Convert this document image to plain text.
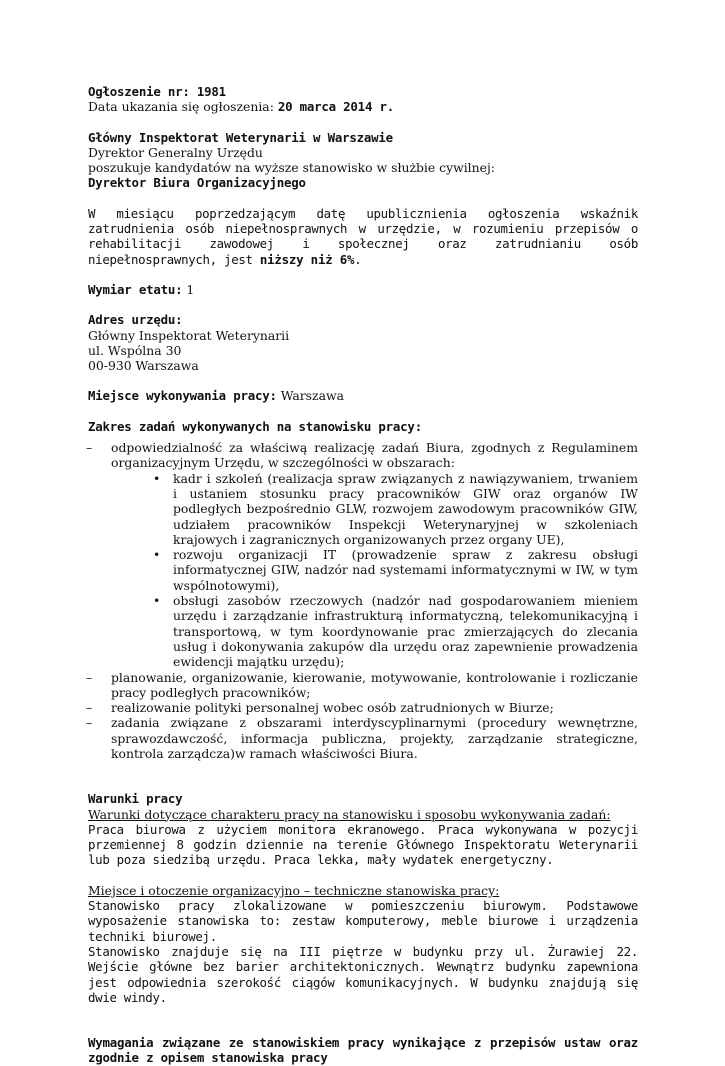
Ogłoszenie nr: 1981

Data ukazania się ogłoszenia: 20 marca 2014 r.

Główny Inspektorat Weterynarii w Warszawie

Dyrektor Generalny Urzędu

poszukuje kandydatów na wyższe stanowisko w służbie cywilnej:

Dyrektor Biura Organizacyjnego

W miesiącu poprzedzającym datę upublicznienia ogłoszenia wskaźnik zatrudnienia osób niepełnosprawnych w urzędzie, w rozumieniu przepisów o rehabilitacji zawodowej i społecznej oraz zatrudnianiu osób niepełnosprawnych, jest niższy niż 6%.

Wymiar etatu: 1

Adres urzędu:

Główny Inspektorat Weterynarii

ul. Wspólna 30

00-930 Warszawa

Miejsce wykonywania pracy: Warszawa

Zakres zadań wykonywanych na stanowisku pracy:

– odpowiedzialność za właściwą realizację zadań Biura, zgodnych z Regulaminem organizacyjnym Urzędu, w szczególności w obszarach:
• kadr i szkoleń (realizacja spraw związanych z nawiązywaniem, trwaniem i ustaniem stosunku pracy pracowników GIW oraz organów IW podległych bezpośrednio GLW, rozwojem zawodowym pracowników GIW, udziałem pracowników Inspekcji Weterynaryjnej w szkoleniach krajowych i zagranicznych organizowanych przez organy UE),
• rozwoju organizacji IT (prowadzenie spraw z zakresu obsługi informatycznej GIW, nadzór nad systemami informatycznymi w IW, w tym wspólnotowymi),
• obsługi zasobów rzeczowych (nadzór nad gospodarowaniem mieniem urzędu i zarządzanie infrastrukturą informatyczną, telekomunikacyjną i transportową, w tym koordynowanie prac zmierzających do zlecania usług i dokonywania zakupów dla urzędu oraz zapewnienie prowadzenia ewidencji majątku urzędu);
– planowanie, organizowanie, kierowanie, motywowanie, kontrolowanie i rozliczanie pracy podległych pracowników;
– realizowanie polityki personalnej wobec osób zatrudnionych w Biurze;
– zadania związane z obszarami interdyscyplinarnymi (procedury wewnętrzne, sprawozdawczość, informacja publiczna, projekty, zarządzanie strategiczne, kontrola zarządcza)w ramach właściwości Biura.

Warunki pracy

Warunki dotyczące charakteru pracy na stanowisku i sposobu wykonywania zadań:

Praca biurowa z użyciem monitora ekranowego. Praca wykonywana w pozycji przemiennej 8 godzin dziennie na terenie Głównego Inspektoratu Weterynarii lub poza siedzibą urzędu. Praca lekka, mały wydatek energetyczny.

Miejsce i otoczenie organizacyjno – techniczne stanowiska pracy:

Stanowisko pracy zlokalizowane w pomieszczeniu biurowym. Podstawowe wyposażenie stanowiska to: zestaw komputerowy, meble biurowe i urządzenia techniki biurowej.

Stanowisko znajduje się na III piętrze w budynku przy ul. Żurawiej 22. Wejście główne bez barier architektonicznych. Wewnątrz budynku zapewniona jest odpowiednia szerokość ciągów komunikacyjnych. W budynku znajdują się dwie windy.

Wymagania związane ze stanowiskiem pracy wynikające z przepisów ustaw oraz zgodnie z opisem stanowiska pracy
